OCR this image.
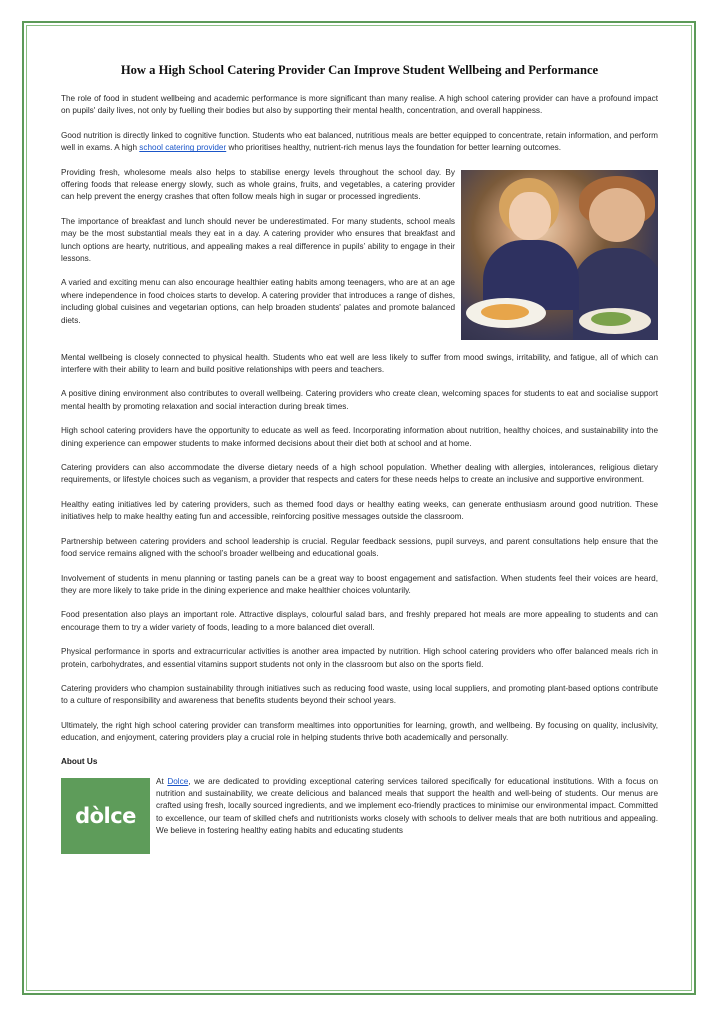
How a High School Catering Provider Can Improve Student Wellbeing and Performance

The role of food in student wellbeing and academic performance is more significant than many realise. A high school catering provider can have a profound impact on pupils' daily lives, not only by fuelling their bodies but also by supporting their mental health, concentration, and overall happiness.

Good nutrition is directly linked to cognitive function. Students who eat balanced, nutritious meals are better equipped to concentrate, retain information, and perform well in exams. A high school catering provider who prioritises healthy, nutrient-rich menus lays the foundation for better learning outcomes.

Providing fresh, wholesome meals also helps to stabilise energy levels throughout the school day. By offering foods that release energy slowly, such as whole grains, fruits, and vegetables, a catering provider can help prevent the energy crashes that often follow meals high in sugar or processed ingredients.

The importance of breakfast and lunch should never be underestimated. For many students, school meals may be the most substantial meals they eat in a day. A catering provider who ensures that breakfast and lunch options are hearty, nutritious, and appealing makes a real difference in pupils’ ability to engage in their lessons.

A varied and exciting menu can also encourage healthier eating habits among teenagers, who are at an age where independence in food choices starts to develop. A catering provider that introduces a range of dishes, including global cuisines and vegetarian options, can help broaden students' palates and promote balanced diets.

Mental wellbeing is closely connected to physical health. Students who eat well are less likely to suffer from mood swings, irritability, and fatigue, all of which can interfere with their ability to learn and build positive relationships with peers and teachers.

A positive dining environment also contributes to overall wellbeing. Catering providers who create clean, welcoming spaces for students to eat and socialise support mental health by promoting relaxation and social interaction during break times.

High school catering providers have the opportunity to educate as well as feed. Incorporating information about nutrition, healthy choices, and sustainability into the dining experience can empower students to make informed decisions about their diet both at school and at home.

Catering providers can also accommodate the diverse dietary needs of a high school population. Whether dealing with allergies, intolerances, religious dietary requirements, or lifestyle choices such as veganism, a provider that respects and caters for these needs helps to create an inclusive and supportive environment.

Healthy eating initiatives led by catering providers, such as themed food days or healthy eating weeks, can generate enthusiasm around good nutrition. These initiatives help to make healthy eating fun and accessible, reinforcing positive messages outside the classroom.

Partnership between catering providers and school leadership is crucial. Regular feedback sessions, pupil surveys, and parent consultations help ensure that the food service remains aligned with the school’s broader wellbeing and educational goals.

Involvement of students in menu planning or tasting panels can be a great way to boost engagement and satisfaction. When students feel their voices are heard, they are more likely to take pride in the dining experience and make healthier choices voluntarily.

Food presentation also plays an important role. Attractive displays, colourful salad bars, and freshly prepared hot meals are more appealing to students and can encourage them to try a wider variety of foods, leading to a more balanced diet overall.

Physical performance in sports and extracurricular activities is another area impacted by nutrition. High school catering providers who offer balanced meals rich in protein, carbohydrates, and essential vitamins support students not only in the classroom but also on the sports field.

Catering providers who champion sustainability through initiatives such as reducing food waste, using local suppliers, and promoting plant-based options contribute to a culture of responsibility and awareness that benefits students beyond their school years.

Ultimately, the right high school catering provider can transform mealtimes into opportunities for learning, growth, and wellbeing. By focusing on quality, inclusivity, education, and enjoyment, catering providers play a crucial role in helping students thrive both academically and personally.

About Us
dòlce

At Dolce, we are dedicated to providing exceptional catering services tailored specifically for educational institutions. With a focus on nutrition and sustainability, we create delicious and balanced meals that support the health and well-being of students. Our menus are crafted using fresh, locally sourced ingredients, and we implement eco-friendly practices to minimise our environmental impact. Committed to excellence, our team of skilled chefs and nutritionists works closely with schools to deliver meals that are both nutritious and appealing. We believe in fostering healthy eating habits and educating students
